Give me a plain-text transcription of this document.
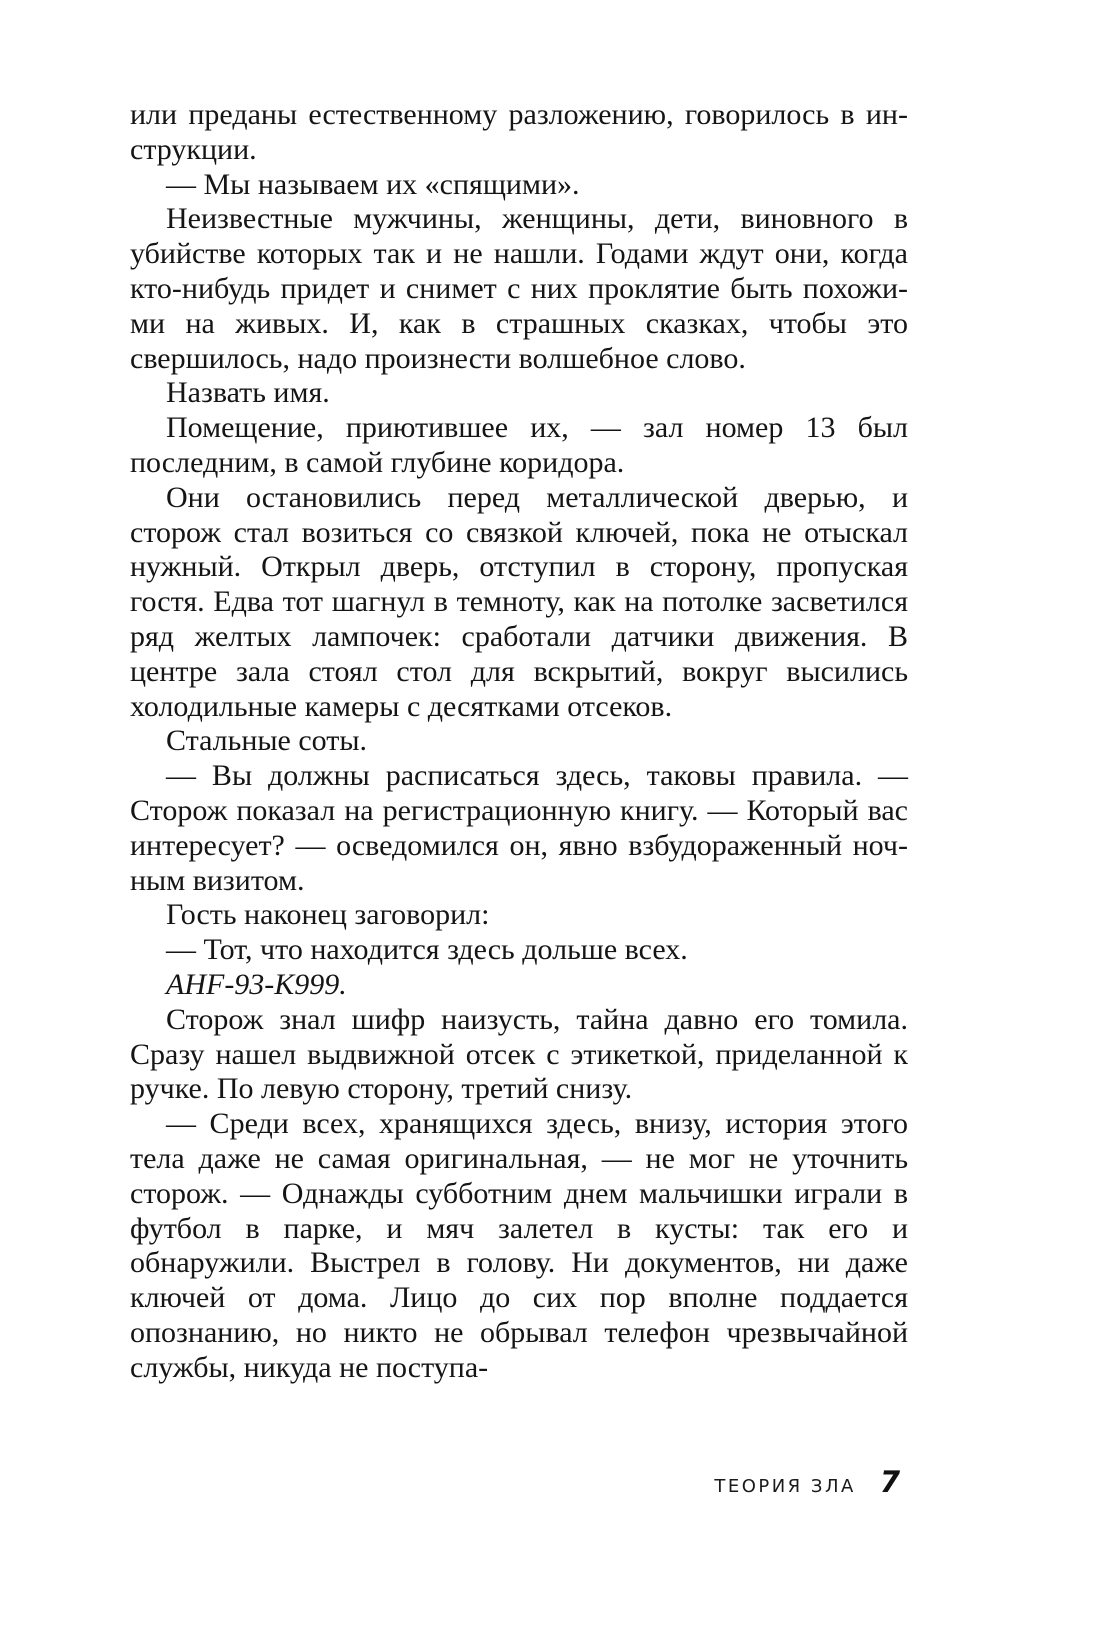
или преданы естественному разложению, говорилось в инструкции.

— Мы называем их «спящими».

Неизвестные мужчины, женщины, дети, виновного в убийстве которых так и не нашли. Годами ждут они, когда кто-нибудь придет и снимет с них проклятие быть похожими на живых. И, как в страшных сказках, чтобы это свершилось, надо произнести волшебное слово.

Назвать имя.

Помещение, приютившее их, — зал номер 13 был последним, в самой глубине коридора.

Они остановились перед металлической дверью, и сторож стал возиться со связкой ключей, пока не отыскал нужный. Открыл дверь, отступил в сторону, пропуская гостя. Едва тот шагнул в темноту, как на потолке засветился ряд желтых лампочек: сработали датчики движения. В центре зала стоял стол для вскрытий, вокруг высились холодильные камеры с десятками отсеков.

Стальные соты.

— Вы должны расписаться здесь, таковы правила. — Сторож показал на регистрационную книгу. — Который вас интересует? — осведомился он, явно взбудораженный ночным визитом.

Гость наконец заговорил:

— Тот, что находится здесь дольше всех.

AHF-93-K999.

Сторож знал шифр наизусть, тайна давно его томила. Сразу нашел выдвижной отсек с этикеткой, приделанной к ручке. По левую сторону, третий снизу.

— Среди всех, хранящихся здесь, внизу, история этого тела даже не самая оригинальная, — не мог не уточнить сторож. — Однажды субботним днем мальчишки играли в футбол в парке, и мяч залетел в кусты: так его и обнаружили. Выстрел в голову. Ни документов, ни даже ключей от дома. Лицо до сих пор вполне поддается опознанию, но никто не обрывал телефон чрезвычайной службы, никуда не поступа-

ТЕОРИЯ ЗЛА 7
